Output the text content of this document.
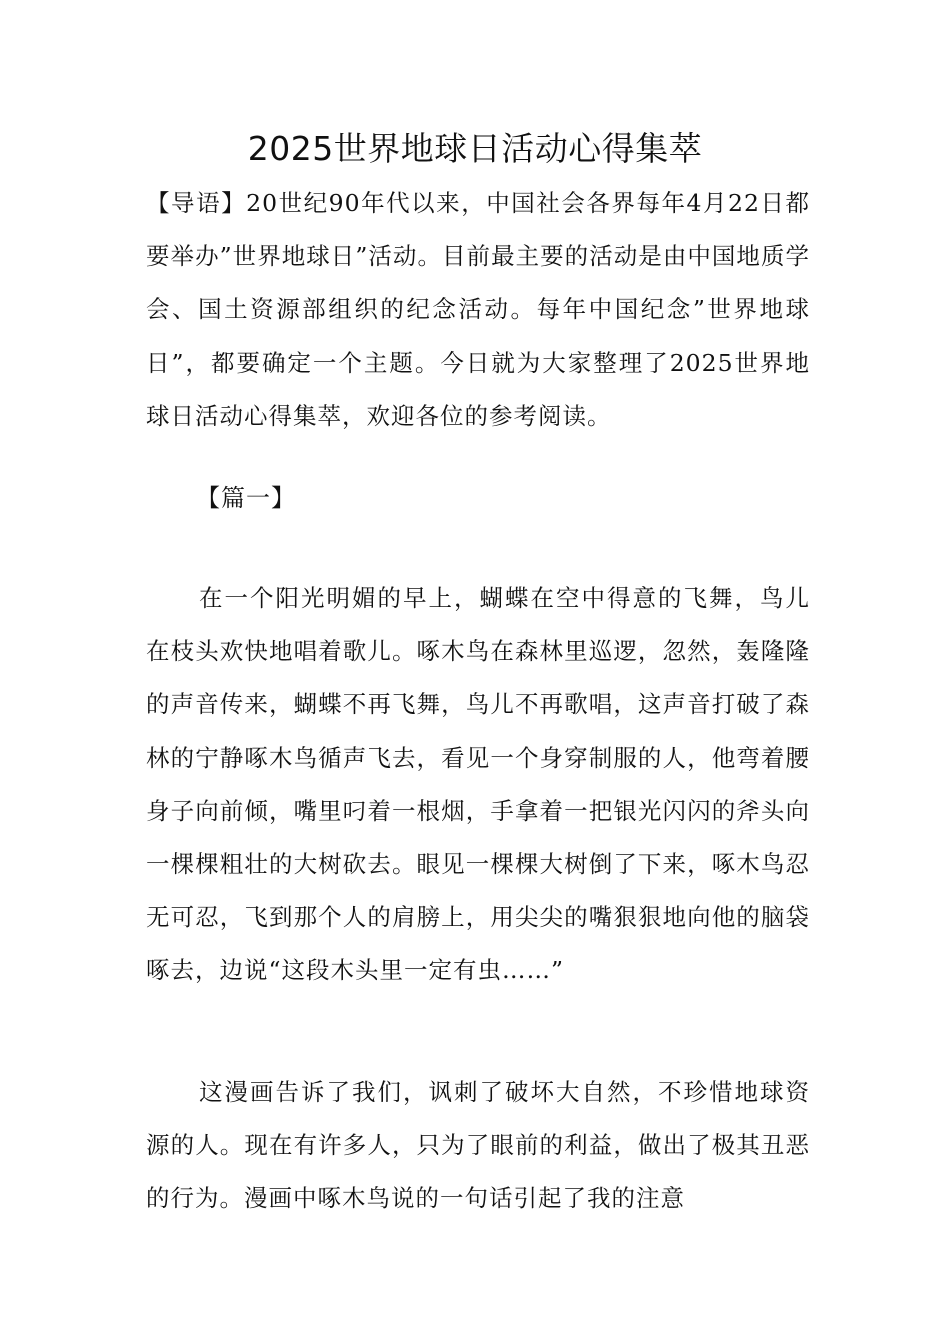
2025世界地球日活动心得集萃

【导语】20世纪90年代以来，中国社会各界每年4月22日都要举办”世界地球日”活动。目前最主要的活动是由中国地质学会、国土资源部组织的纪念活动。每年中国纪念”世界地球日”，都要确定一个主题。今日就为大家整理了2025世界地球日活动心得集萃，欢迎各位的参考阅读。

【篇一】

在一个阳光明媚的早上，蝴蝶在空中得意的飞舞，鸟儿在枝头欢快地唱着歌儿。啄木鸟在森林里巡逻，忽然，轰隆隆的声音传来，蝴蝶不再飞舞，鸟儿不再歌唱，这声音打破了森林的宁静啄木鸟循声飞去，看见一个身穿制服的人，他弯着腰身子向前倾，嘴里叼着一根烟，手拿着一把银光闪闪的斧头向一棵棵粗壮的大树砍去。眼见一棵棵大树倒了下来，啄木鸟忍无可忍，飞到那个人的肩膀上，用尖尖的嘴狠狠地向他的脑袋啄去，边说“这段木头里一定有虫……”

这漫画告诉了我们，讽刺了破坏大自然，不珍惜地球资源的人。现在有许多人，只为了眼前的利益，做出了极其丑恶的行为。漫画中啄木鸟说的一句话引起了我的注意
